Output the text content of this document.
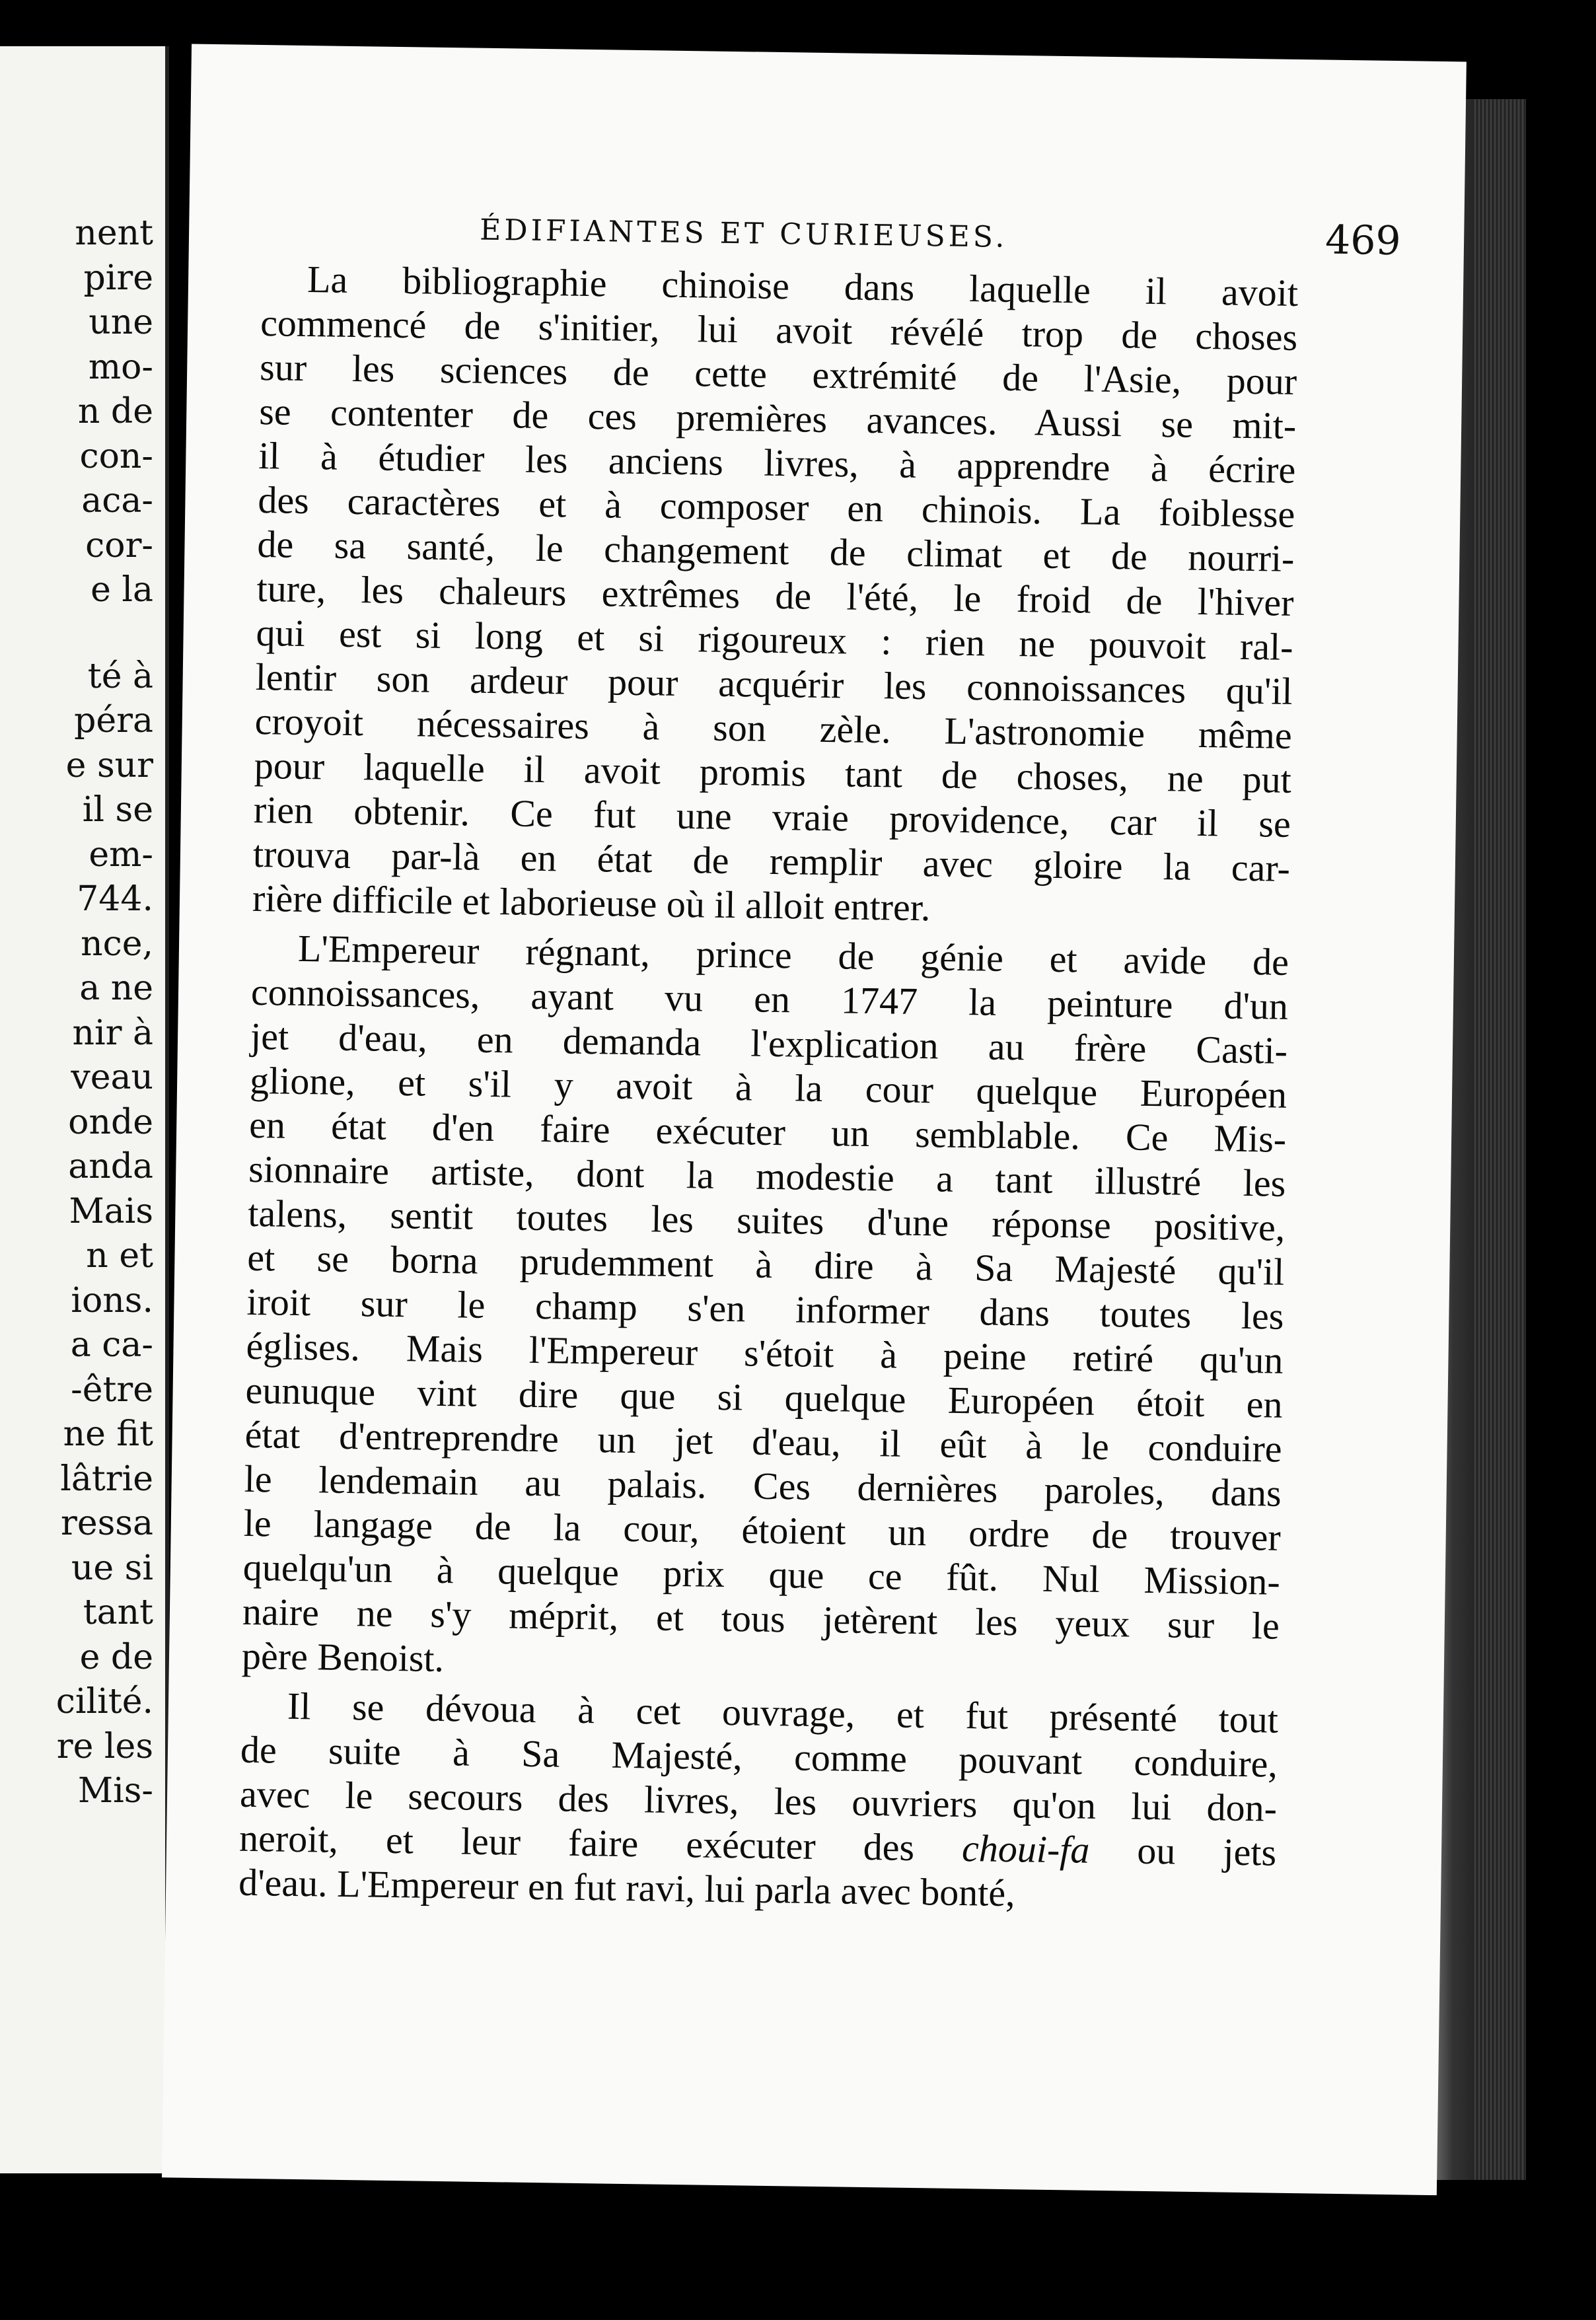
nent
pire
une
mo-
n de
con-
aca-
cor-
e la
té à
péra
e sur
il se
em-
744.
nce,
a ne
nir à
veau
onde
anda
Mais
n et
ions.
a ca-
-être
ne fit
lâtrie
ressa
ue si
tant
e de
cilité.
re les
Mis-
ÉDIFIANTES ET CURIEUSES.	469
La bibliographie chinoise dans laquelle il avoit
commencé de s'initier, lui avoit révélé trop de choses
sur les sciences de cette extrémité de l'Asie, pour
se contenter de ces premières avances. Aussi se mit-
il à étudier les anciens livres, à apprendre à écrire
des caractères et à composer en chinois. La foiblesse
de sa santé, le changement de climat et de nourri-
ture, les chaleurs extrêmes de l'été, le froid de l'hiver
qui est si long et si rigoureux : rien ne pouvoit ral-
lentir son ardeur pour acquérir les connoissances qu'il
croyoit nécessaires à son zèle. L'astronomie même
pour laquelle il avoit promis tant de choses, ne put
rien obtenir. Ce fut une vraie providence, car il se
trouva par-là en état de remplir avec gloire la car-
rière difficile et laborieuse où il alloit entrer.
L'Empereur régnant, prince de génie et avide de
connoissances, ayant vu en 1747 la peinture d'un
jet d'eau, en demanda l'explication au frère Casti-
glione, et s'il y avoit à la cour quelque Européen
en état d'en faire exécuter un semblable. Ce Mis-
sionnaire artiste, dont la modestie a tant illustré les
talens, sentit toutes les suites d'une réponse positive,
et se borna prudemment à dire à Sa Majesté qu'il
iroit sur le champ s'en informer dans toutes les
églises. Mais l'Empereur s'étoit à peine retiré qu'un
eunuque vint dire que si quelque Européen étoit en
état d'entreprendre un jet d'eau, il eût à le conduire
le lendemain au palais. Ces dernières paroles, dans
le langage de la cour, étoient un ordre de trouver
quelqu'un à quelque prix que ce fût. Nul Mission-
naire ne s'y méprit, et tous jetèrent les yeux sur le
père Benoist.
Il se dévoua à cet ouvrage, et fut présenté tout
de suite à Sa Majesté, comme pouvant conduire,
avec le secours des livres, les ouvriers qu'on lui don-
neroit, et leur faire exécuter des choui-fa ou jets
d'eau. L'Empereur en fut ravi, lui parla avec bonté,
